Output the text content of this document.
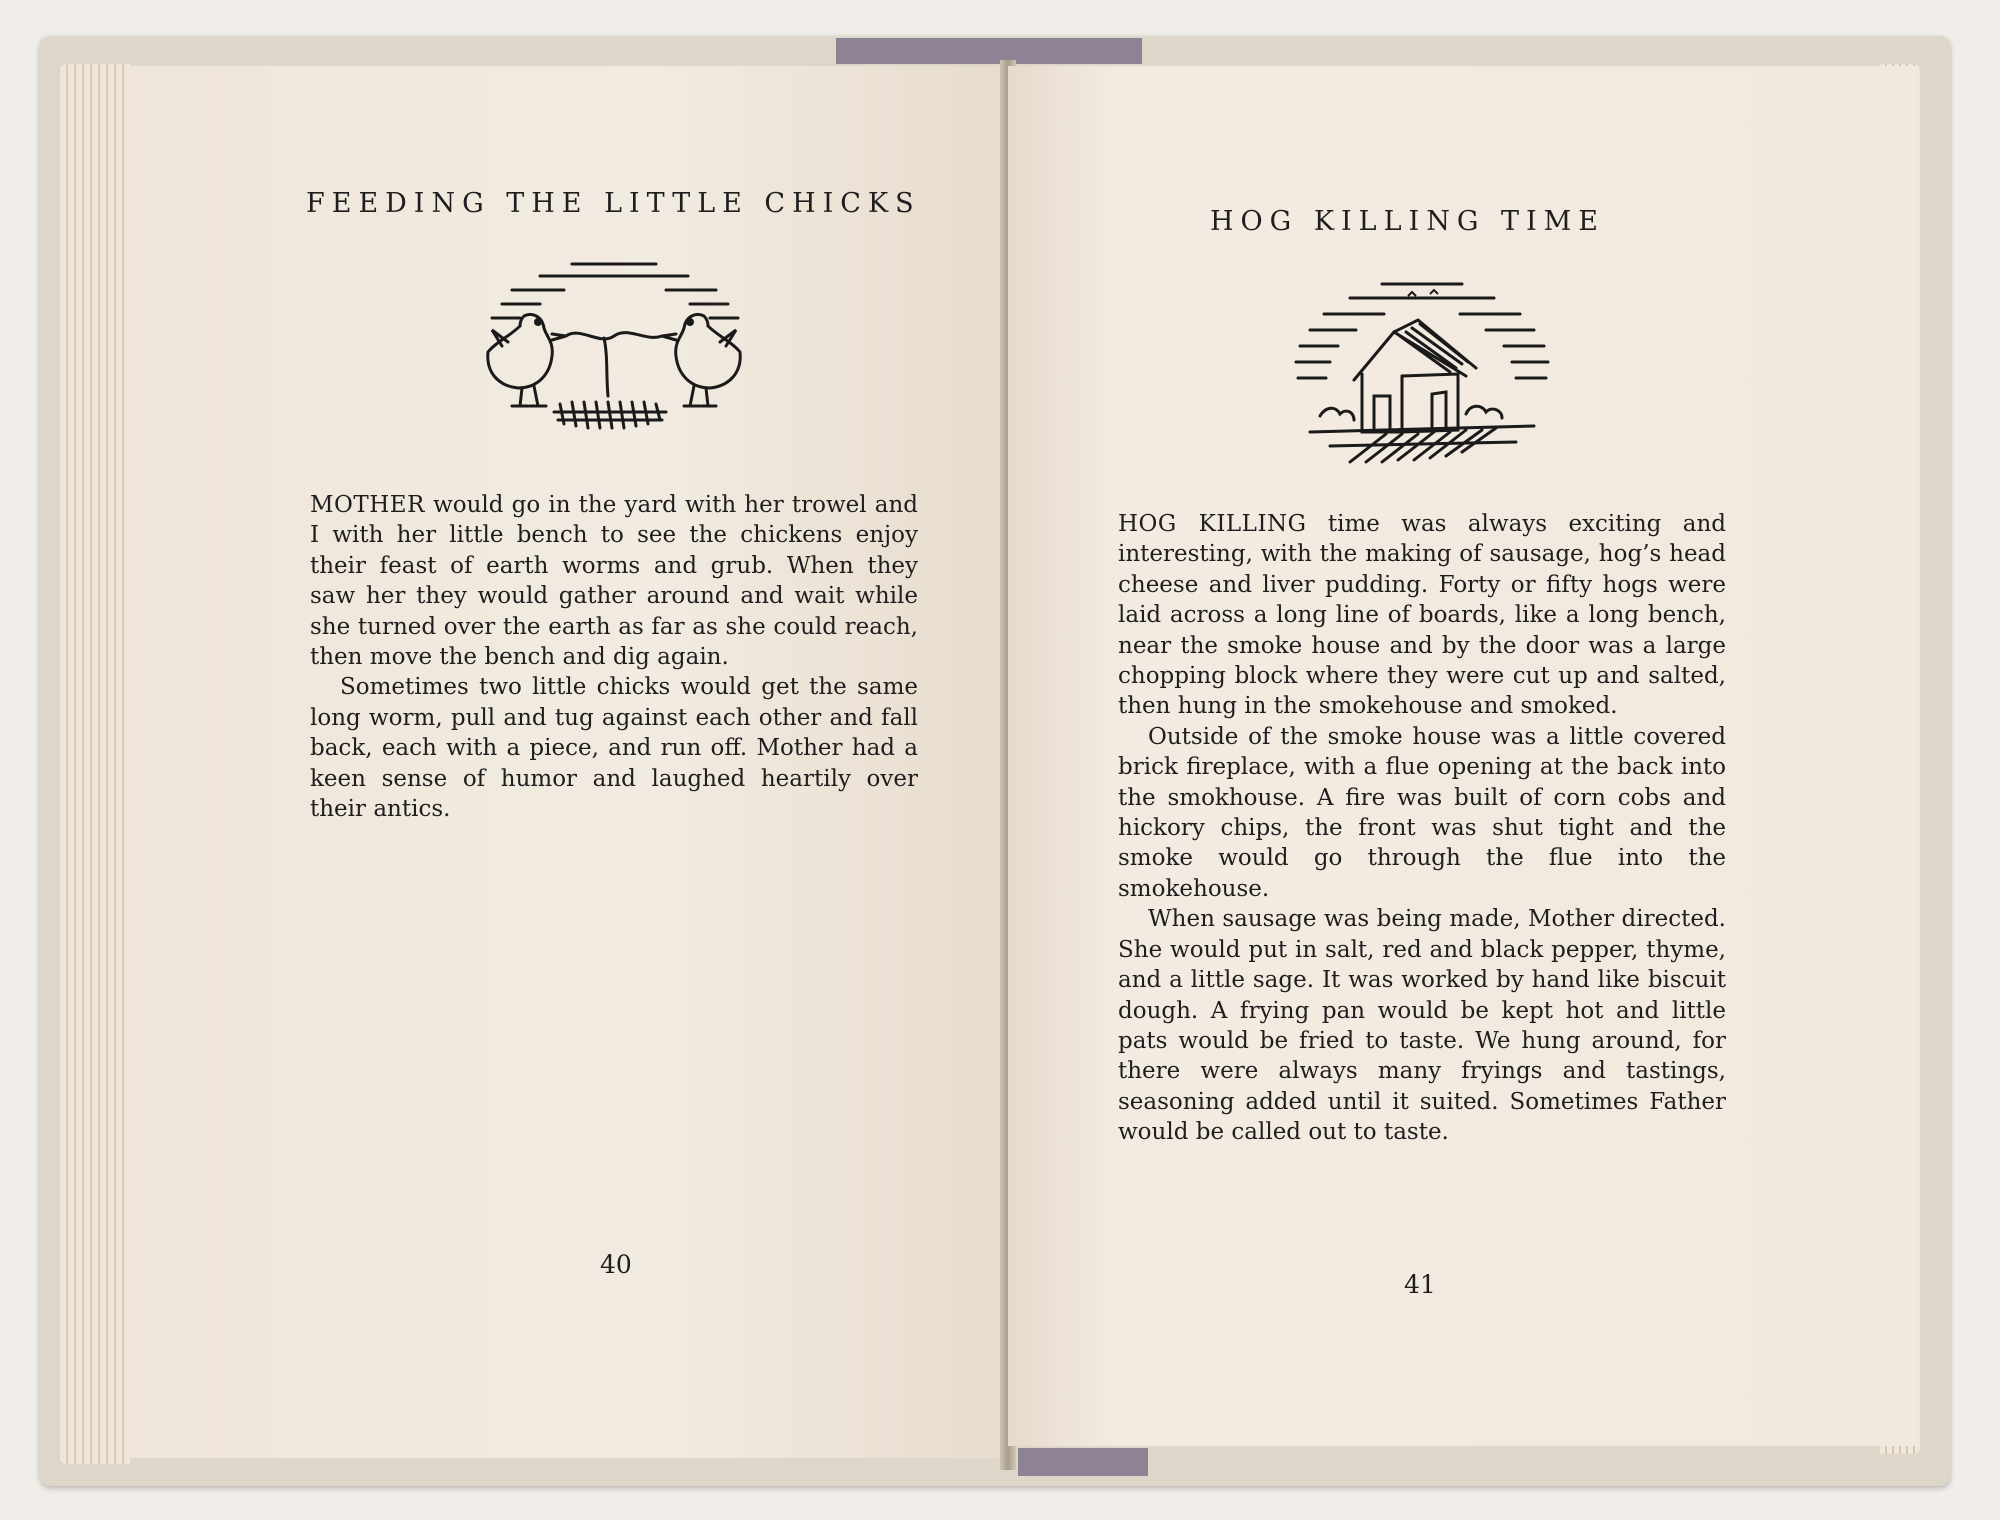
FEEDING THE LITTLE CHICKS

MOTHER would go in the yard with her trowel and I with her little bench to see the chickens enjoy their feast of earth worms and grub. When they saw her they would gather around and wait while she turned over the earth as far as she could reach, then move the bench and dig again.

Sometimes two little chicks would get the same long worm, pull and tug against each other and fall back, each with a piece, and run off. Mother had a keen sense of humor and laughed heartily over their antics.

40
HOG KILLING TIME

HOG KILLING time was always exciting and interesting, with the making of sausage, hog’s head cheese and liver pudding. Forty or fifty hogs were laid across a long line of boards, like a long bench, near the smoke house and by the door was a large chopping block where they were cut up and salted, then hung in the smokehouse and smoked.

Outside of the smoke house was a little covered brick fireplace, with a flue opening at the back into the smokhouse. A fire was built of corn cobs and hickory chips, the front was shut tight and the smoke would go through the flue into the smokehouse.

When sausage was being made, Mother directed. She would put in salt, red and black pepper, thyme, and a little sage. It was worked by hand like biscuit dough. A frying pan would be kept hot and little pats would be fried to taste. We hung around, for there were always many fryings and tastings, seasoning added until it suited. Sometimes Father would be called out to taste.

41
